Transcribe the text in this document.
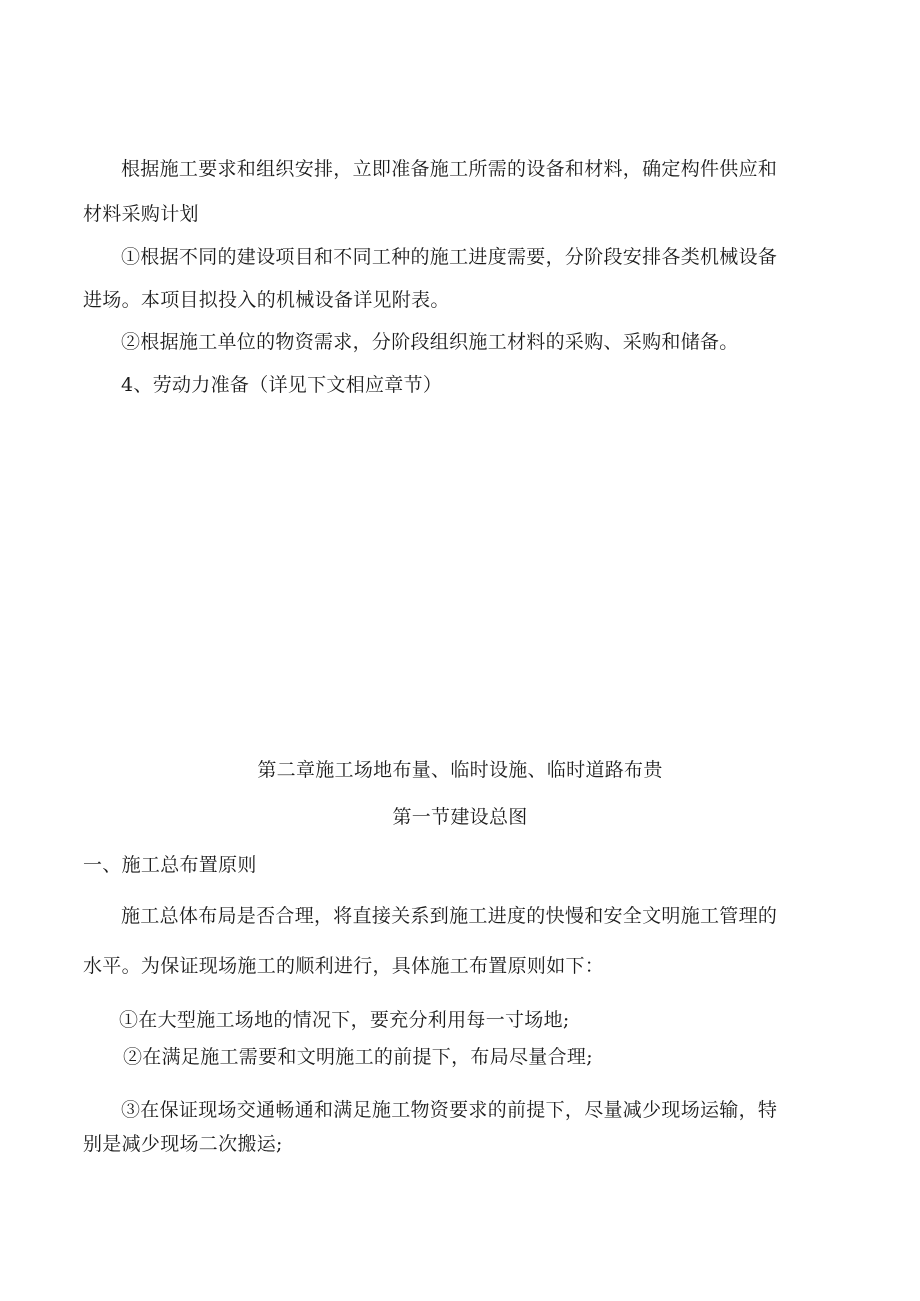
根据施工要求和组织安排，立即准备施工所需的设备和材料，确定构件供应和
材料采购计划
①根据不同的建设项目和不同工种的施工进度需要，分阶段安排各类机械设备
进场。本项目拟投入的机械设备详见附表。
②根据施工单位的物资需求，分阶段组织施工材料的采购、采购和储备。
4、劳动力准备（详见下文相应章节）
第二章施工场地布量、临时设施、临时道路布贵
第一节建设总图
一、施工总布置原则
施工总体布局是否合理，将直接关系到施工进度的快慢和安全文明施工管理的
水平。为保证现场施工的顺利进行，具体施工布置原则如下：
①在大型施工场地的情况下，要充分利用每一寸场地;
②在满足施工需要和文明施工的前提下，布局尽量合理;
③在保证现场交通畅通和满足施工物资要求的前提下，尽量减少现场运输，特
别是减少现场二次搬运;
